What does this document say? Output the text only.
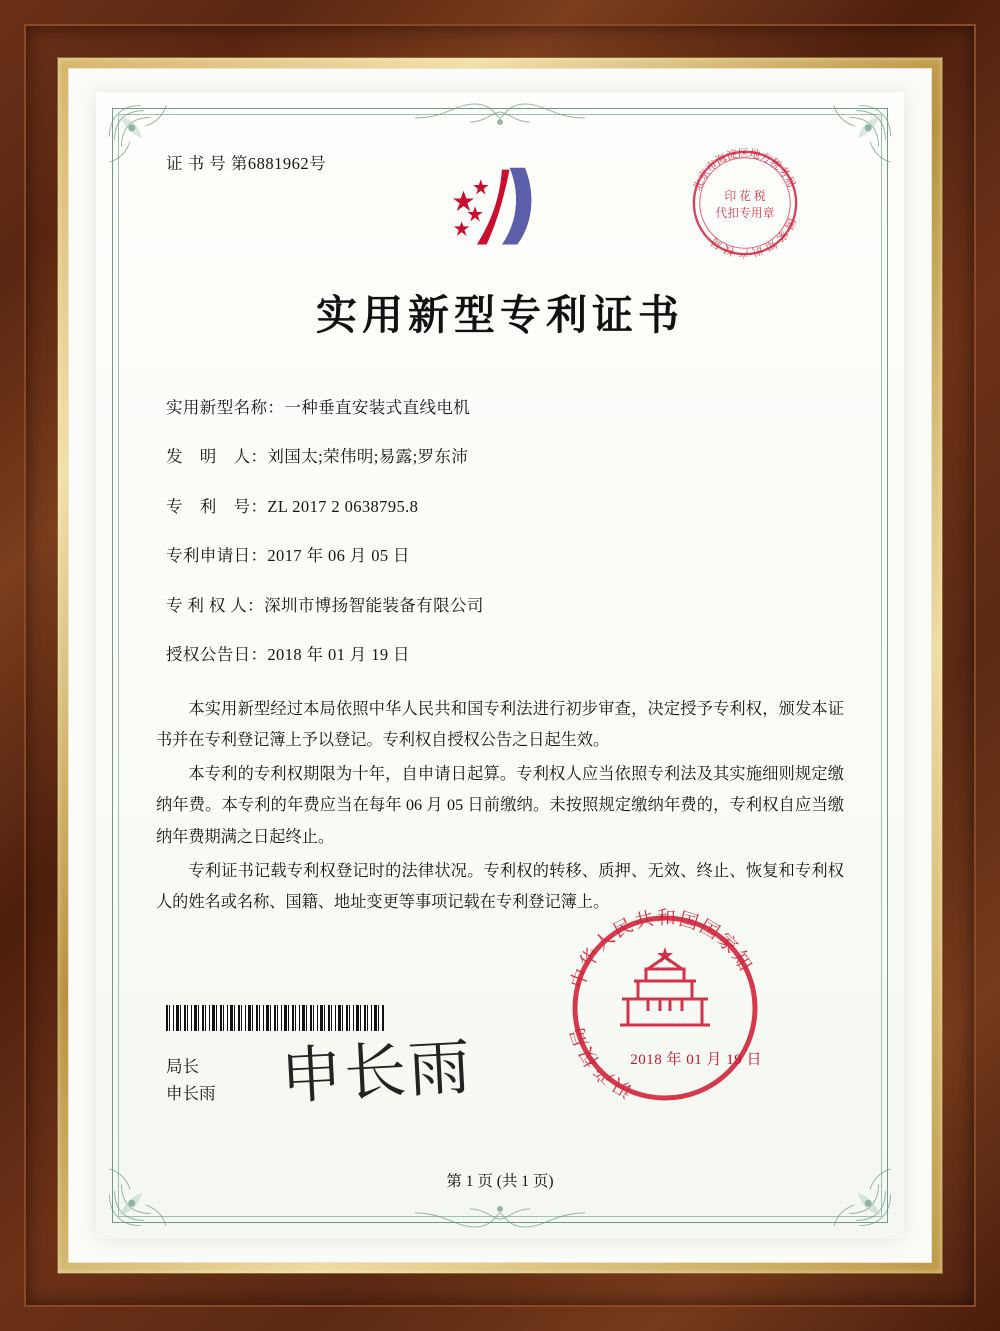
证 书 号 第6881962号
北京市海淀区地方税务局
国 家 知 识 产 权 局
印 花 税
代扣专用章
实用新型专利证书
实用新型名称：一种垂直安装式直线电机
发　明　人：刘国太;荣伟明;易露;罗东沛
专　利　号：ZL 2017 2 0638795.8
专利申请日：2017 年 06 月 05 日
专 利 权 人：深圳市博扬智能装备有限公司
授权公告日：2018 年 01 月 19 日

本实用新型经过本局依照中华人民共和国专利法进行初步审查，决定授予专利权，颁发本证书并在专利登记簿上予以登记。专利权自授权公告之日起生效。

本专利的专利权期限为十年，自申请日起算。专利权人应当依照专利法及其实施细则规定缴纳年费。本专利的年费应当在每年 06 月 05 日前缴纳。未按照规定缴纳年费的，专利权自应当缴纳年费期满之日起终止。

专利证书记载专利权登记时的法律状况。专利权的转移、质押、无效、终止、恢复和专利权人的姓名或名称、国籍、地址变更等事项记载在专利登记簿上。

局长
申长雨 申长雨
中华人民共和国国家知
识产权局
2018 年 01 月 19 日
第 1 页 (共 1 页)
